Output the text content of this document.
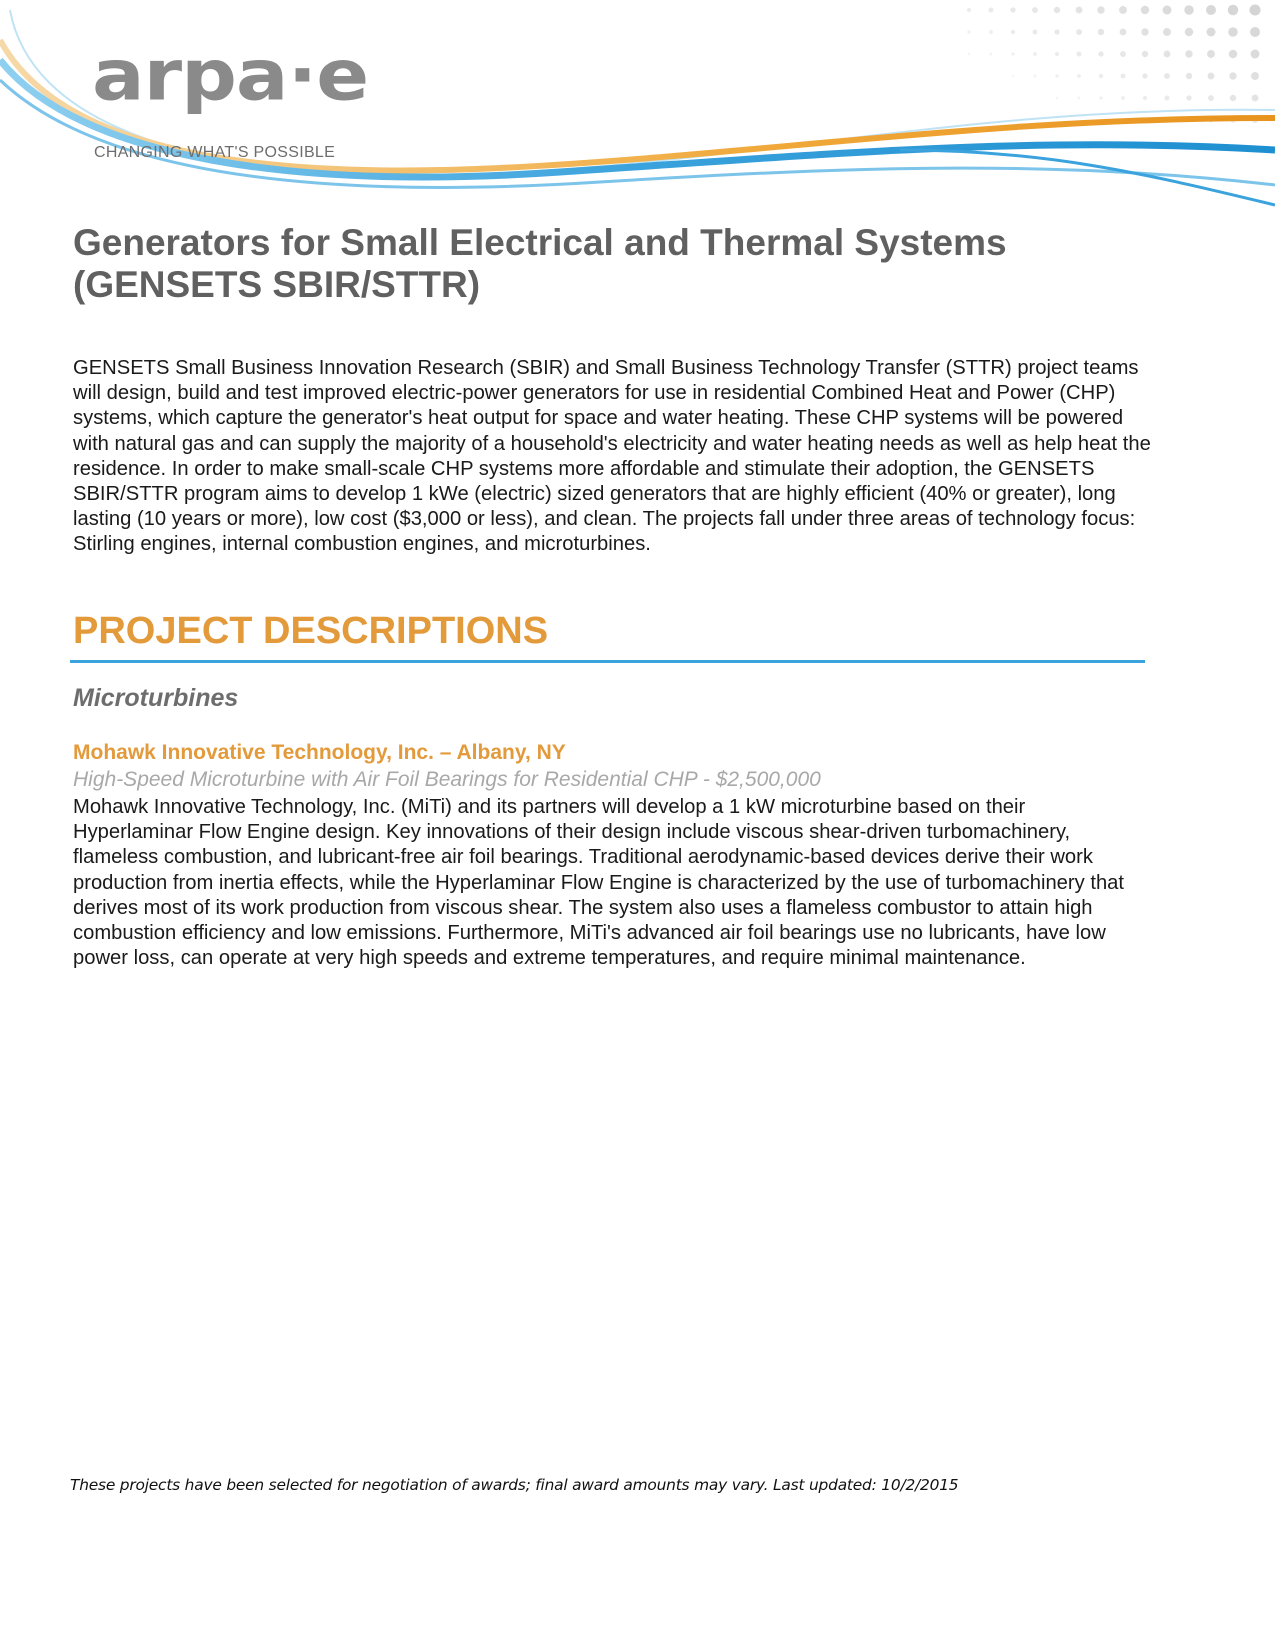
arpa·e
CHANGING WHAT'S POSSIBLE
Generators for Small Electrical and Thermal Systems (GENSETS SBIR/STTR)

GENSETS Small Business Innovation Research (SBIR) and Small Business Technology Transfer (STTR) project teams will design, build and test improved electric-power generators for use in residential Combined Heat and Power (CHP) systems, which capture the generator's heat output for space and water heating. These CHP systems will be powered with natural gas and can supply the majority of a household's electricity and water heating needs as well as help heat the residence. In order to make small-scale CHP systems more affordable and stimulate their adoption, the GENSETS SBIR/STTR program aims to develop 1 kWe (electric) sized generators that are highly efficient (40% or greater), long lasting (10 years or more), low cost ($3,000 or less), and clean. The projects fall under three areas of technology focus: Stirling engines, internal combustion engines, and microturbines.

PROJECT DESCRIPTIONS
Microturbines
Mohawk Innovative Technology, Inc. – Albany, NY
High-Speed Microturbine with Air Foil Bearings for Residential CHP - $2,500,000

Mohawk Innovative Technology, Inc. (MiTi) and its partners will develop a 1 kW microturbine based on their Hyperlaminar Flow Engine design. Key innovations of their design include viscous shear-driven turbomachinery, flameless combustion, and lubricant-free air foil bearings. Traditional aerodynamic-based devices derive their work production from inertia effects, while the Hyperlaminar Flow Engine is characterized by the use of turbomachinery that derives most of its work production from viscous shear. The system also uses a flameless combustor to attain high combustion efficiency and low emissions. Furthermore, MiTi's advanced air foil bearings use no lubricants, have low power loss, can operate at very high speeds and extreme temperatures, and require minimal maintenance.

These projects have been selected for negotiation of awards; final award amounts may vary. Last updated: 10/2/2015
